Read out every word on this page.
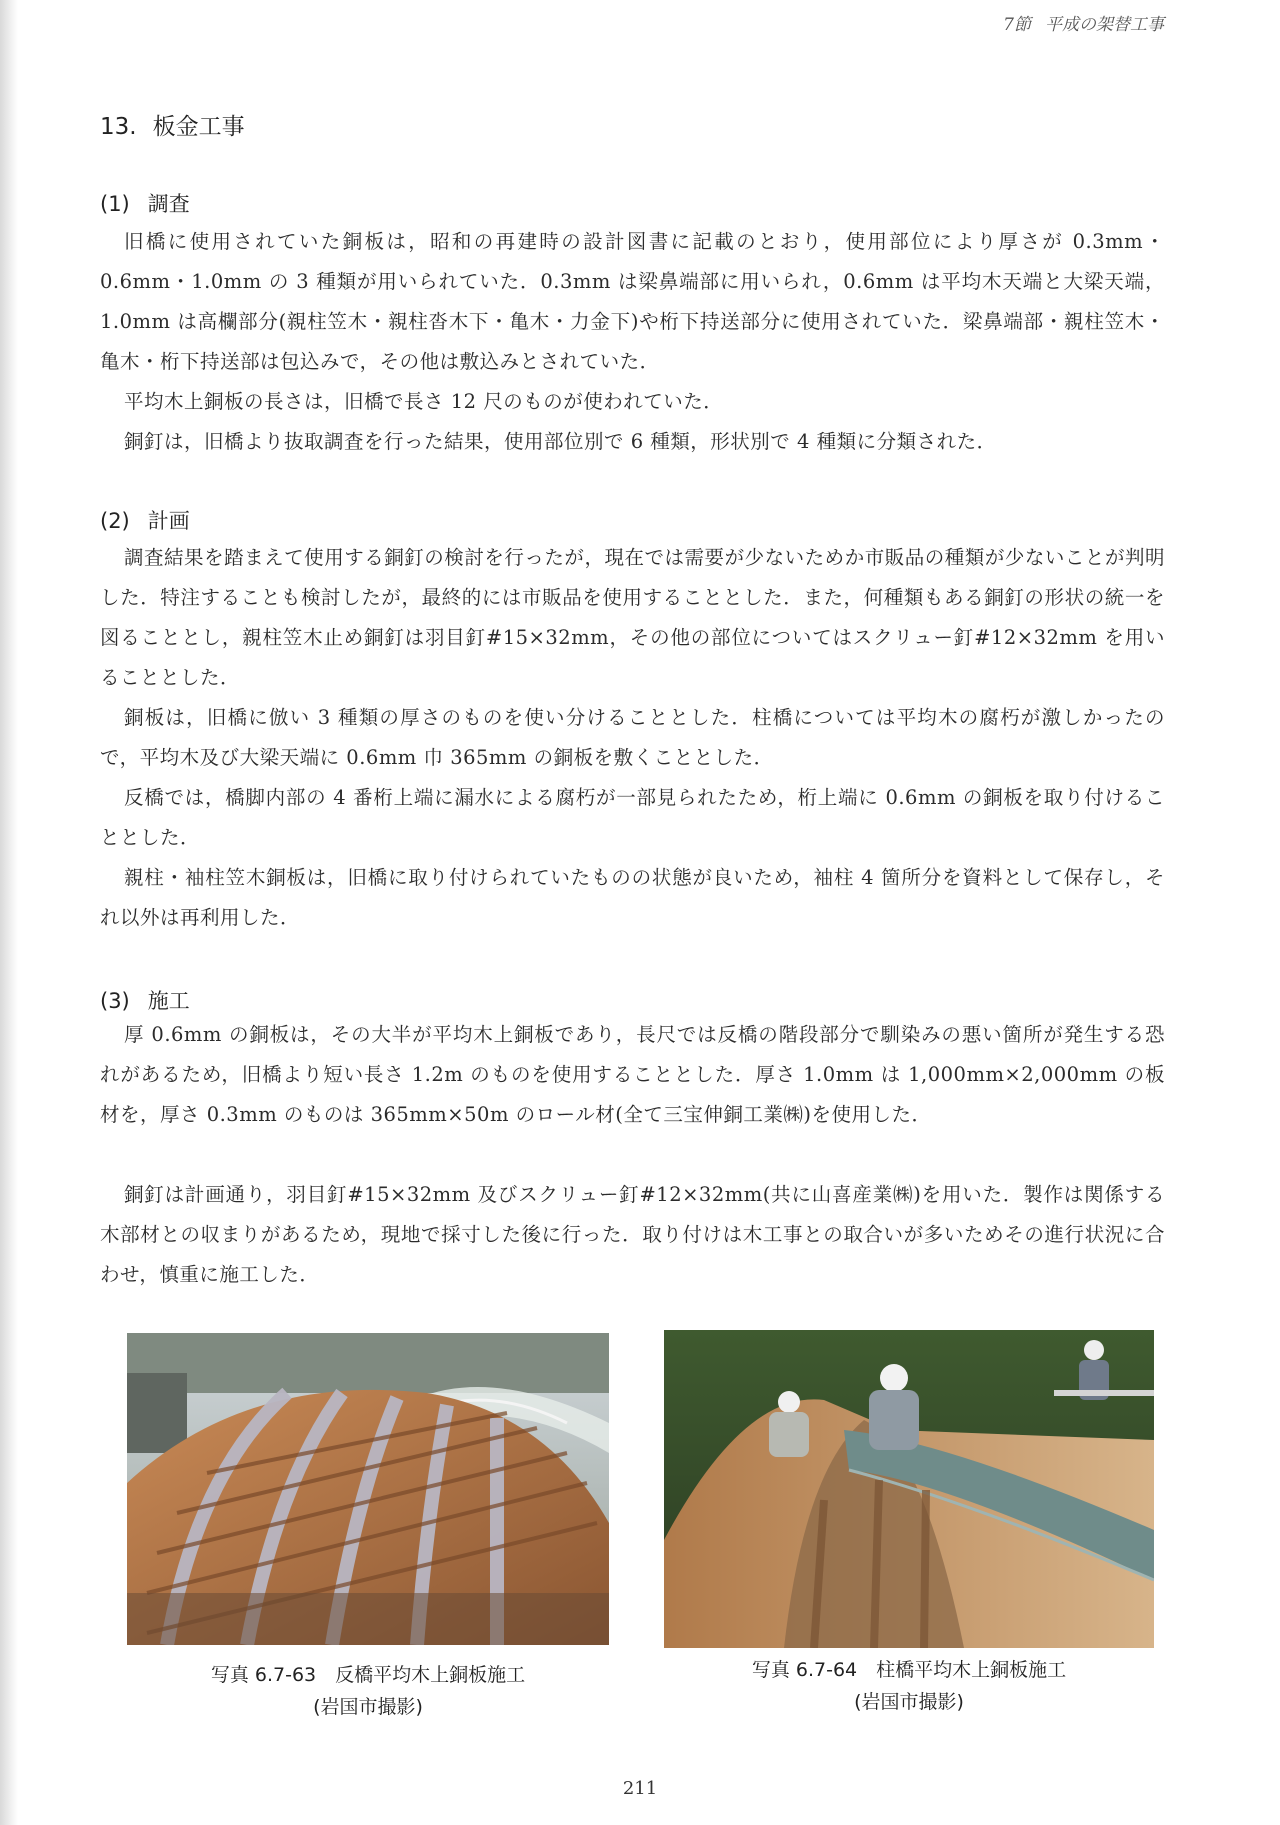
7節 平成の架替工事
13. 板金工事
(1) 調査

旧橋に使用されていた銅板は，昭和の再建時の設計図書に記載のとおり，使用部位により厚さが 0.3mm・0.6mm・1.0mm の 3 種類が用いられていた．0.3mm は梁鼻端部に用いられ，0.6mm は平均木天端と大梁天端，1.0mm は高欄部分(親柱笠木・親柱沓木下・亀木・力金下)や桁下持送部分に使用されていた．梁鼻端部・親柱笠木・亀木・桁下持送部は包込みで，その他は敷込みとされていた．

平均木上銅板の長さは，旧橋で長さ 12 尺のものが使われていた．

銅釘は，旧橋より抜取調査を行った結果，使用部位別で 6 種類，形状別で 4 種類に分類された．

(2) 計画

調査結果を踏まえて使用する銅釘の検討を行ったが，現在では需要が少ないためか市販品の種類が少ないことが判明した．特注することも検討したが，最終的には市販品を使用することとした．また，何種類もある銅釘の形状の統一を図ることとし，親柱笠木止め銅釘は羽目釘#15×32mm，その他の部位についてはスクリュー釘#12×32mm を用いることとした．

銅板は，旧橋に倣い 3 種類の厚さのものを使い分けることとした．柱橋については平均木の腐朽が激しかったので，平均木及び大梁天端に 0.6mm 巾 365mm の銅板を敷くこととした．

反橋では，橋脚内部の 4 番桁上端に漏水による腐朽が一部見られたため，桁上端に 0.6mm の銅板を取り付けることとした．

親柱・袖柱笠木銅板は，旧橋に取り付けられていたものの状態が良いため，袖柱 4 箇所分を資料として保存し，それ以外は再利用した．

(3) 施工

厚 0.6mm の銅板は，その大半が平均木上銅板であり，長尺では反橋の階段部分で馴染みの悪い箇所が発生する恐れがあるため，旧橋より短い長さ 1.2m のものを使用することとした．厚さ 1.0mm は 1,000mm×2,000mm の板材を，厚さ 0.3mm のものは 365mm×50m のロール材(全て三宝伸銅工業㈱)を使用した．

銅釘は計画通り，羽目釘#15×32mm 及びスクリュー釘#12×32mm(共に山喜産業㈱)を用いた．製作は関係する木部材との収まりがあるため，現地で採寸した後に行った．取り付けは木工事との取合いが多いためその進行状況に合わせ，慎重に施工した．

写真 6.7-63　 反橋平均木上銅板施工
(岩国市撮影)
写真 6.7-64　 柱橋平均木上銅板施工
(岩国市撮影)
211
